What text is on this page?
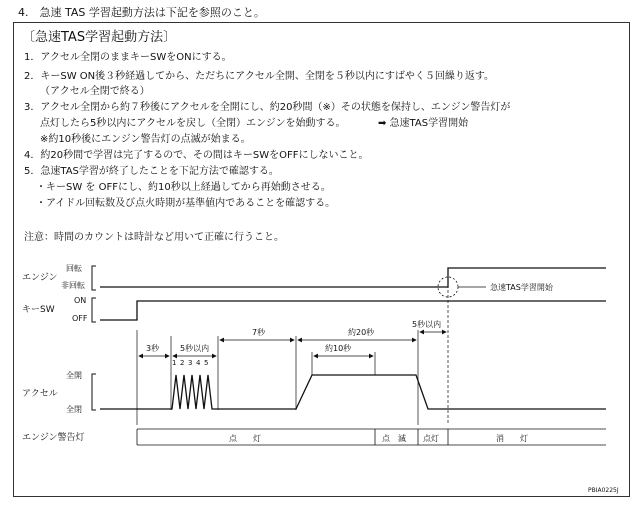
4.　急速 TAS 学習起動方法は下記を参照のこと。
〔急速TAS学習起動方法〕
1．アクセル全閉のままキーSWをONにする。
2．キーSW ON後３秒経過してから、ただちにアクセル全開、全閉を５秒以内にすばやく５回繰り返す。
（アクセル全閉で終る）
3．アクセル全閉から約７秒後にアクセルを全開にし、約20秒間（※）その状態を保持し、エンジン警告灯が
点灯したら5秒以内にアクセルを戻し（全閉）エンジンを始動する。	➡ 急速TAS学習開始
※約10秒後にエンジン警告灯の点滅が始まる。
4．約20秒間で学習は完了するので、その間はキーSWをOFFにしないこと。
5．急速TAS学習が終了したことを下記方法で確認する。
・キーSW を OFFにし、約10秒以上経過してから再始動させる。
・アイドル回転数及び点火時期が基準値内であることを確認する。
注意：時間のカウントは時計など用いて正確に行うこと。
エンジン
回転
非回転
キーSW
ON
OFF
アクセル
全開
全閉
エンジン警告灯
急速TAS学習開始
3秒	5秒以内
1 2 3 4 5
7秒	約20秒
約10秒
5秒以内
点　　灯	点　滅 点灯	消　　灯
PBIA0225J
